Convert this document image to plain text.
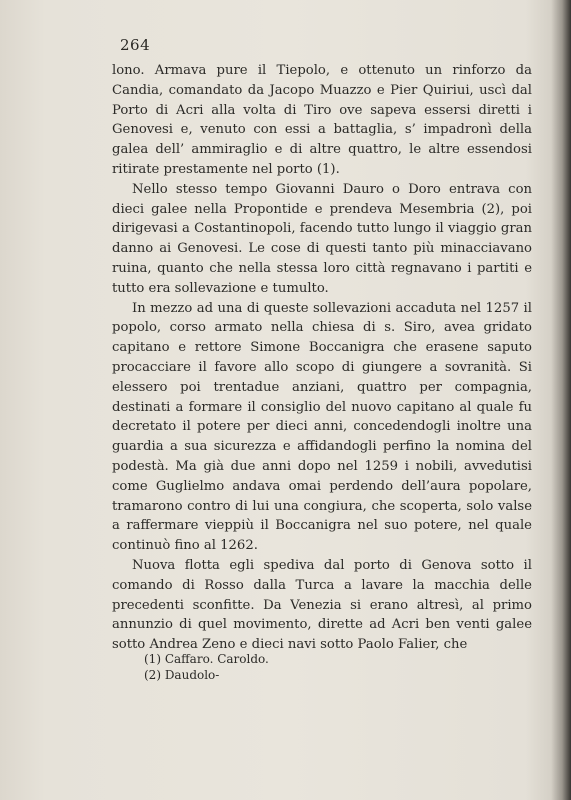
264

lono. Armava pure il Tiepolo, e ottenuto un rinforzo da Candia, comandato da Jacopo Muazzo e Pier Quiriui, uscì dal Porto di Acri alla volta di Tiro ove sapeva essersi diretti i Genovesi e, venuto con essi a battaglia, s’ impadronì della galea dell’ ammiraglio e di altre quattro, le altre essendosi ritirate prestamente nel porto (1).

Nello stesso tempo Giovanni Dauro o Doro entrava con dieci galee nella Propontide e prendeva Mesembria (2), poi dirigevasi a Costantinopoli, facendo tutto lungo il viaggio gran danno ai Genovesi. Le cose di questi tanto più minacciavano ruina, quanto che nella stessa loro città regnavano i partiti e tutto era sollevazione e tumulto.

In mezzo ad una di queste sollevazioni accaduta nel 1257 il popolo, corso armato nella chiesa di s. Siro, avea gridato capitano e rettore Simone Boccanigra che erasene saputo procacciare il favore allo scopo di giungere a sovranità. Si elessero poi trentadue anziani, quattro per compagnia, destinati a formare il consiglio del nuovo capitano al quale fu decretato il potere per dieci anni, concedendogli inoltre una guardia a sua sicurezza e affidandogli perfino la nomina del podestà. Ma già due anni dopo nel 1259 i nobili, avvedutisi come Guglielmo andava omai perdendo dell’aura popolare, tramarono contro di lui una congiura, che scoperta, solo valse a raffermare vieppiù il Boccanigra nel suo potere, nel quale continuò fino al 1262.

Nuova flotta egli spediva dal porto di Genova sotto il comando di Rosso dalla Turca a lavare la macchia delle precedenti sconfitte. Da Venezia si erano altresì, al primo annunzio di quel movimento, dirette ad Acri ben venti galee sotto Andrea Zeno e dieci navi sotto Paolo Falier, che

(1) Caffaro. Caroldo.

(2) Daudolo-
